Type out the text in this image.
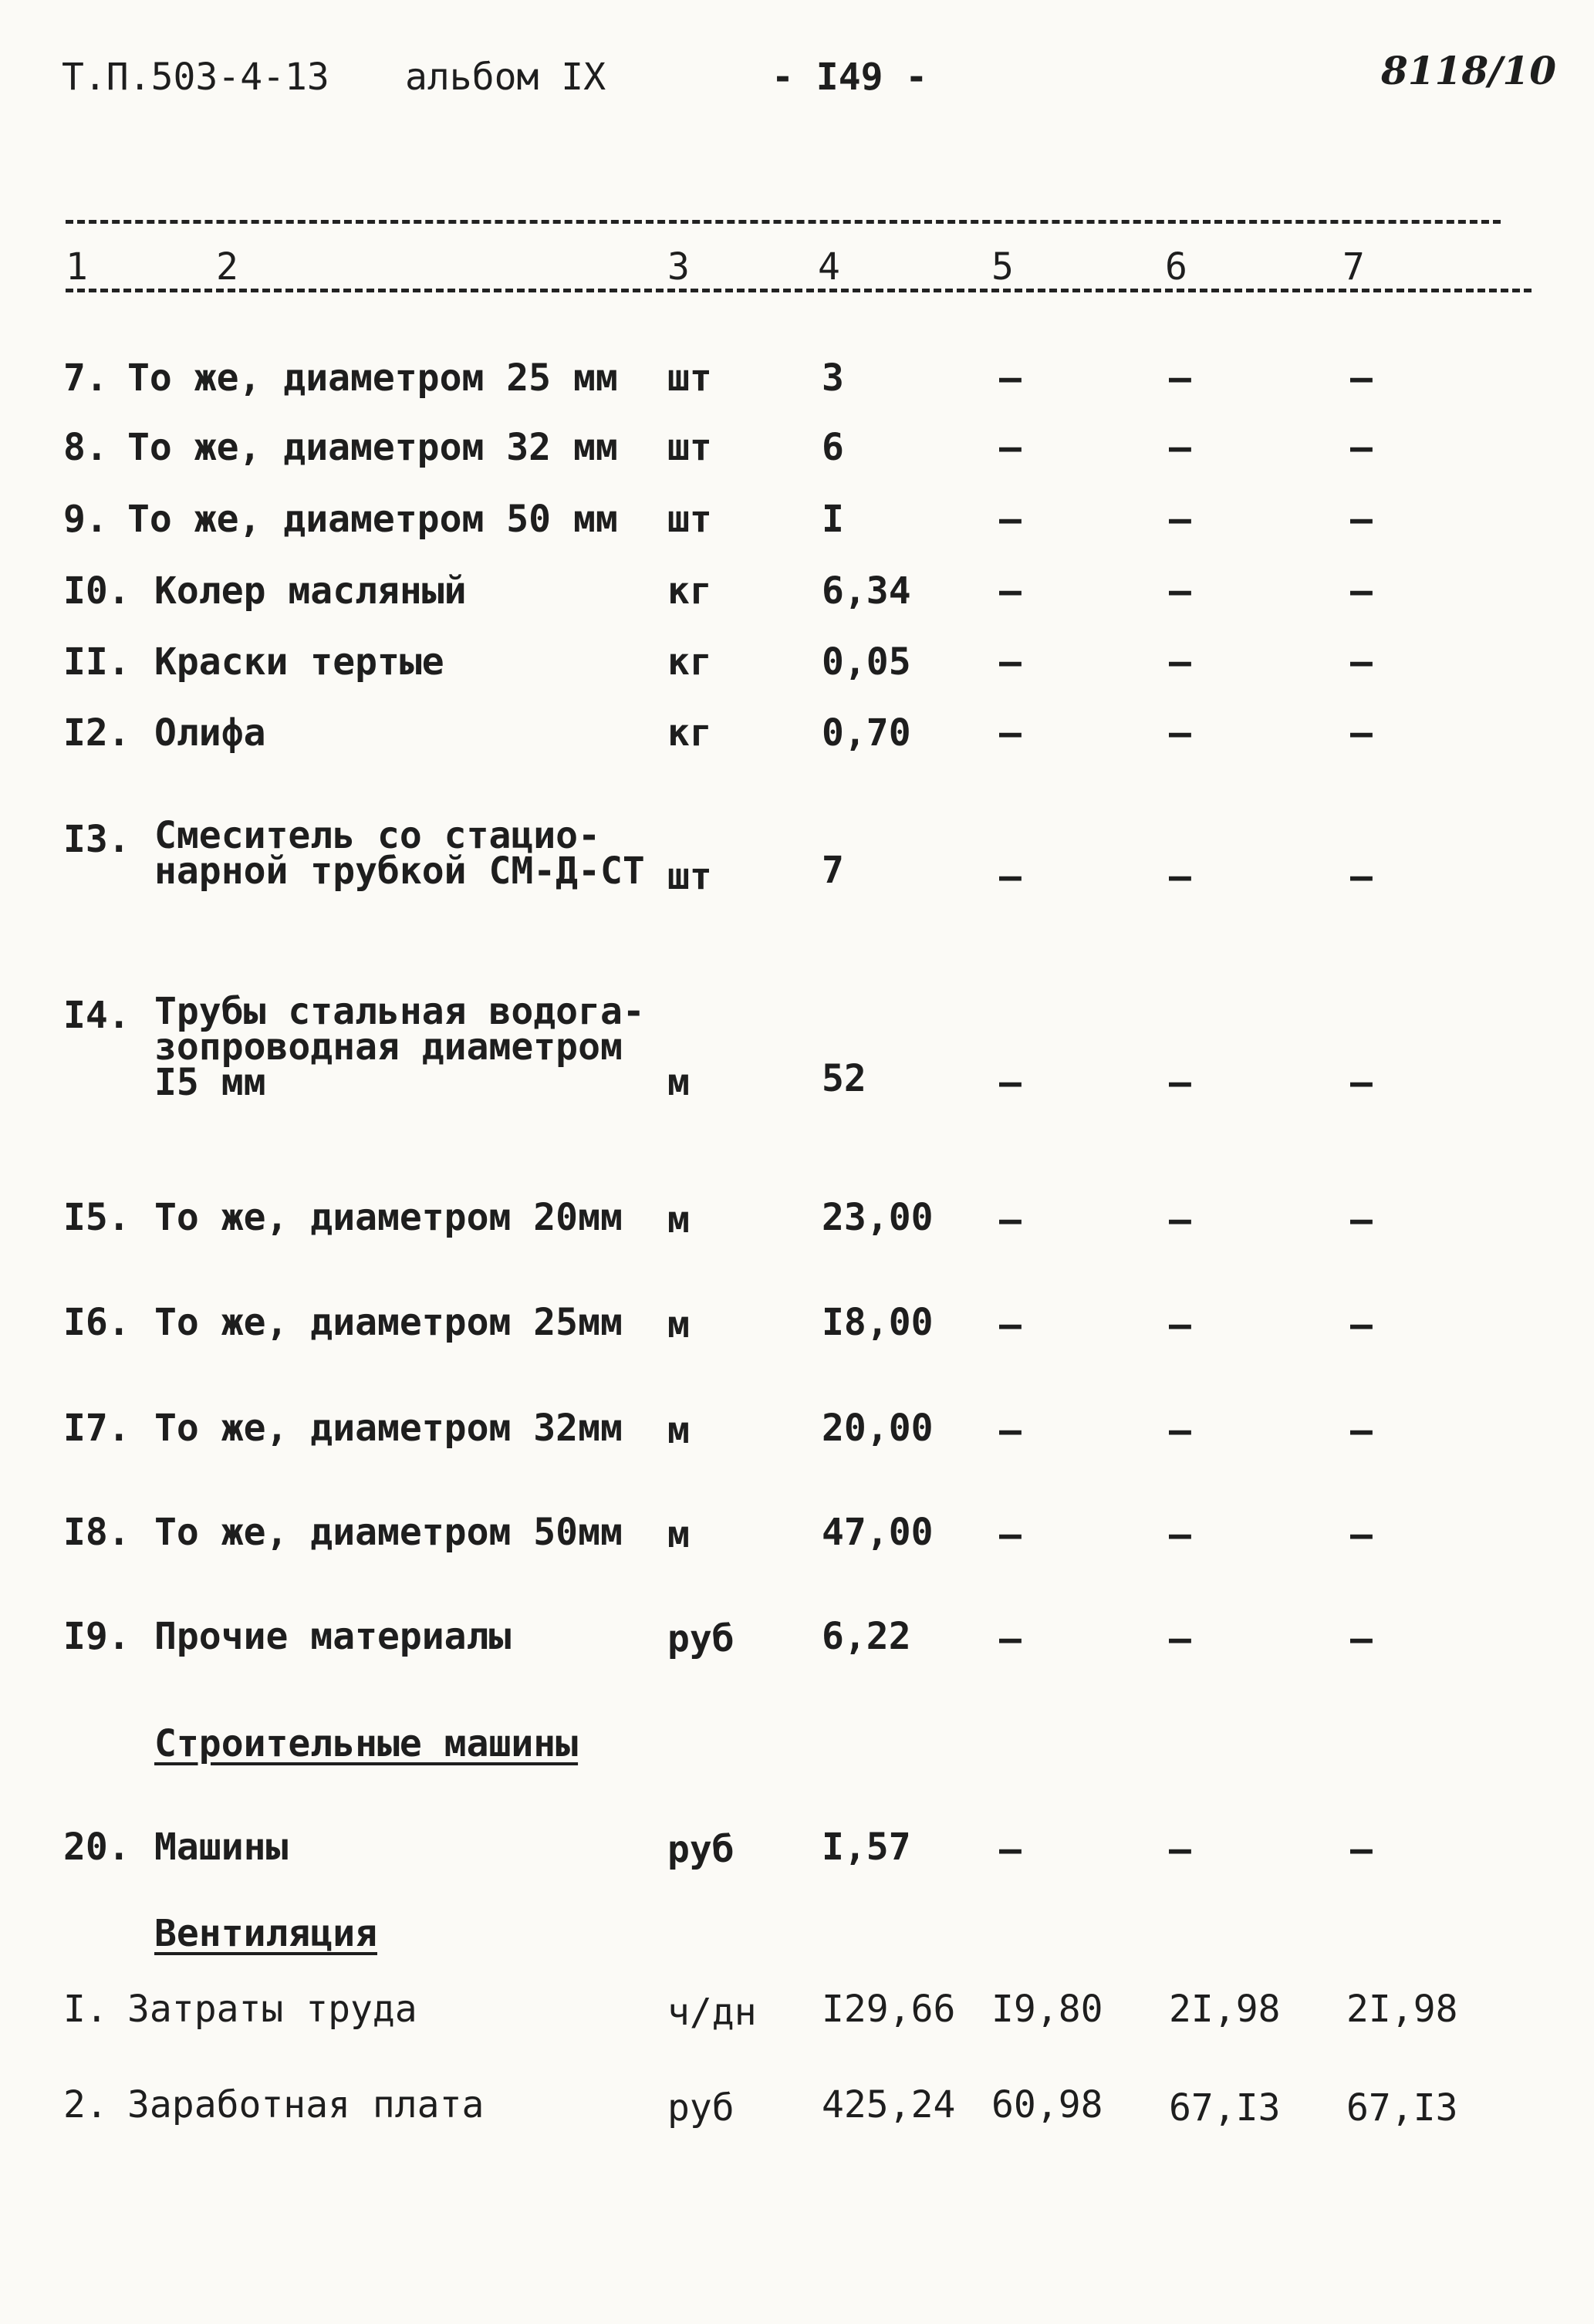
Т.П.503-4-13 альбом IX	- I49 -	8118/10
1	2	3	4	5	6	7
7. То же, диаметром 25 мм шт	3	–	–	–
8. То же, диаметром 32 мм шт	6	–	–	–
9. То же, диаметром 50 мм шт	I	–	–	–
I0. Колер масляный	кг	6,34 –	–	–
II. Краски тертые	кг	0,05 –	–	–
I2. Олифа	кг	0,70 –	–	–
I3. Смеситель со стацио-
нарной трубкой СМ-Д-СТ шт	7	–	–	–
I4. Трубы стальная водога-
зопроводная диаметром
I5 мм	м	52	–	–	–
I5. То же, диаметром 20мм м	23,00 –	–	–
I6. То же, диаметром 25мм м	I8,00 –	–	–
I7. То же, диаметром 32мм м	20,00 –	–	–
I8. То же, диаметром 50мм м	47,00 –	–	–
I9. Прочие материалы	руб 6,22 –	–	–
Строительные машины
20. Машины	руб I,57 –	–	–
Вентиляция
I. Затраты труда	ч/дн I29,66 I9,80 2I,98 2I,98
2. Заработная плата	руб 425,24 60,98 67,I3 67,I3
